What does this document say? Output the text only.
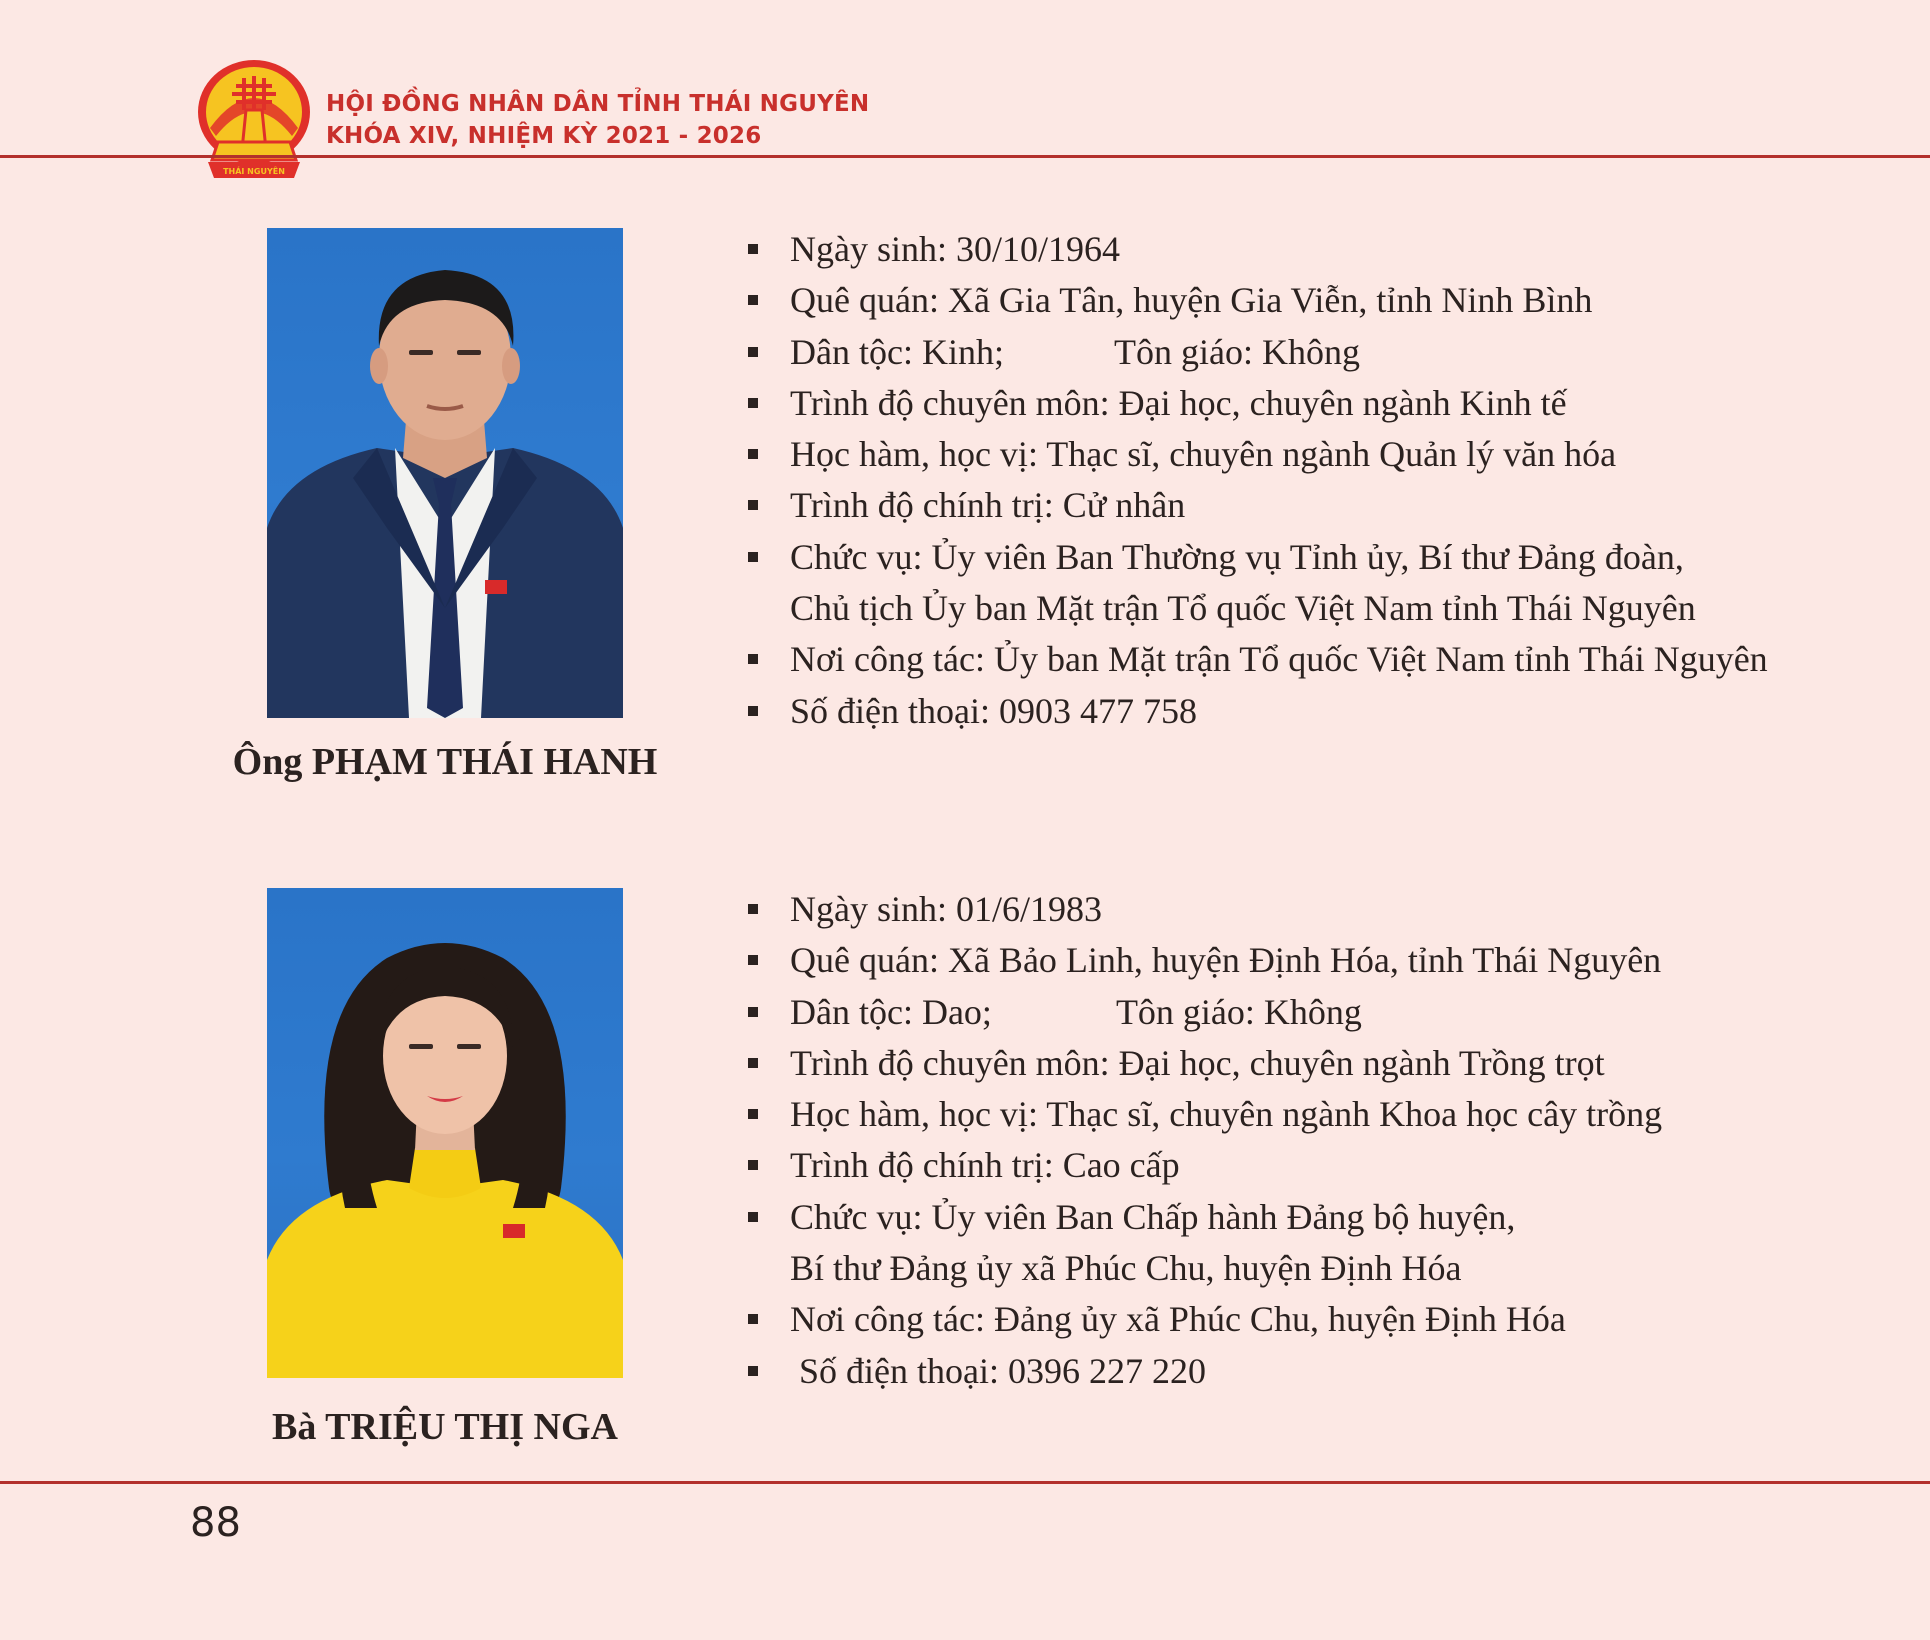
THÁI NGUYÊN
HỘI ĐỒNG NHÂN DÂN TỈNH THÁI NGUYÊN
KHÓA XIV, NHIỆM KỲ 2021 - 2026
Ông PHẠM THÁI HANH
Ngày sinh: 30/10/1964
Quê quán: Xã Gia Tân, huyện Gia Viễn, tỉnh Ninh Bình
Dân tộc: Kinh;	Tôn giáo: Không
Trình độ chuyên môn: Đại học, chuyên ngành Kinh tế
Học hàm, học vị: Thạc sĩ, chuyên ngành Quản lý văn hóa
Trình độ chính trị: Cử nhân
Chức vụ: Ủy viên Ban Thường vụ Tỉnh ủy, Bí thư Đảng đoàn,
Chủ tịch Ủy ban Mặt trận Tổ quốc Việt Nam tỉnh Thái Nguyên
Nơi công tác: Ủy ban Mặt trận Tổ quốc Việt Nam tỉnh Thái Nguyên
Số điện thoại: 0903 477 758
Bà TRIỆU THỊ NGA
Ngày sinh: 01/6/1983
Quê quán: Xã Bảo Linh, huyện Định Hóa, tỉnh Thái Nguyên
Dân tộc: Dao;	Tôn giáo: Không
Trình độ chuyên môn: Đại học, chuyên ngành Trồng trọt
Học hàm, học vị: Thạc sĩ, chuyên ngành Khoa học cây trồng
Trình độ chính trị: Cao cấp
Chức vụ: Ủy viên Ban Chấp hành Đảng bộ huyện,
Bí thư Đảng ủy xã Phúc Chu, huyện Định Hóa
Nơi công tác: Đảng ủy xã Phúc Chu, huyện Định Hóa
Số điện thoại: 0396 227 220
88
